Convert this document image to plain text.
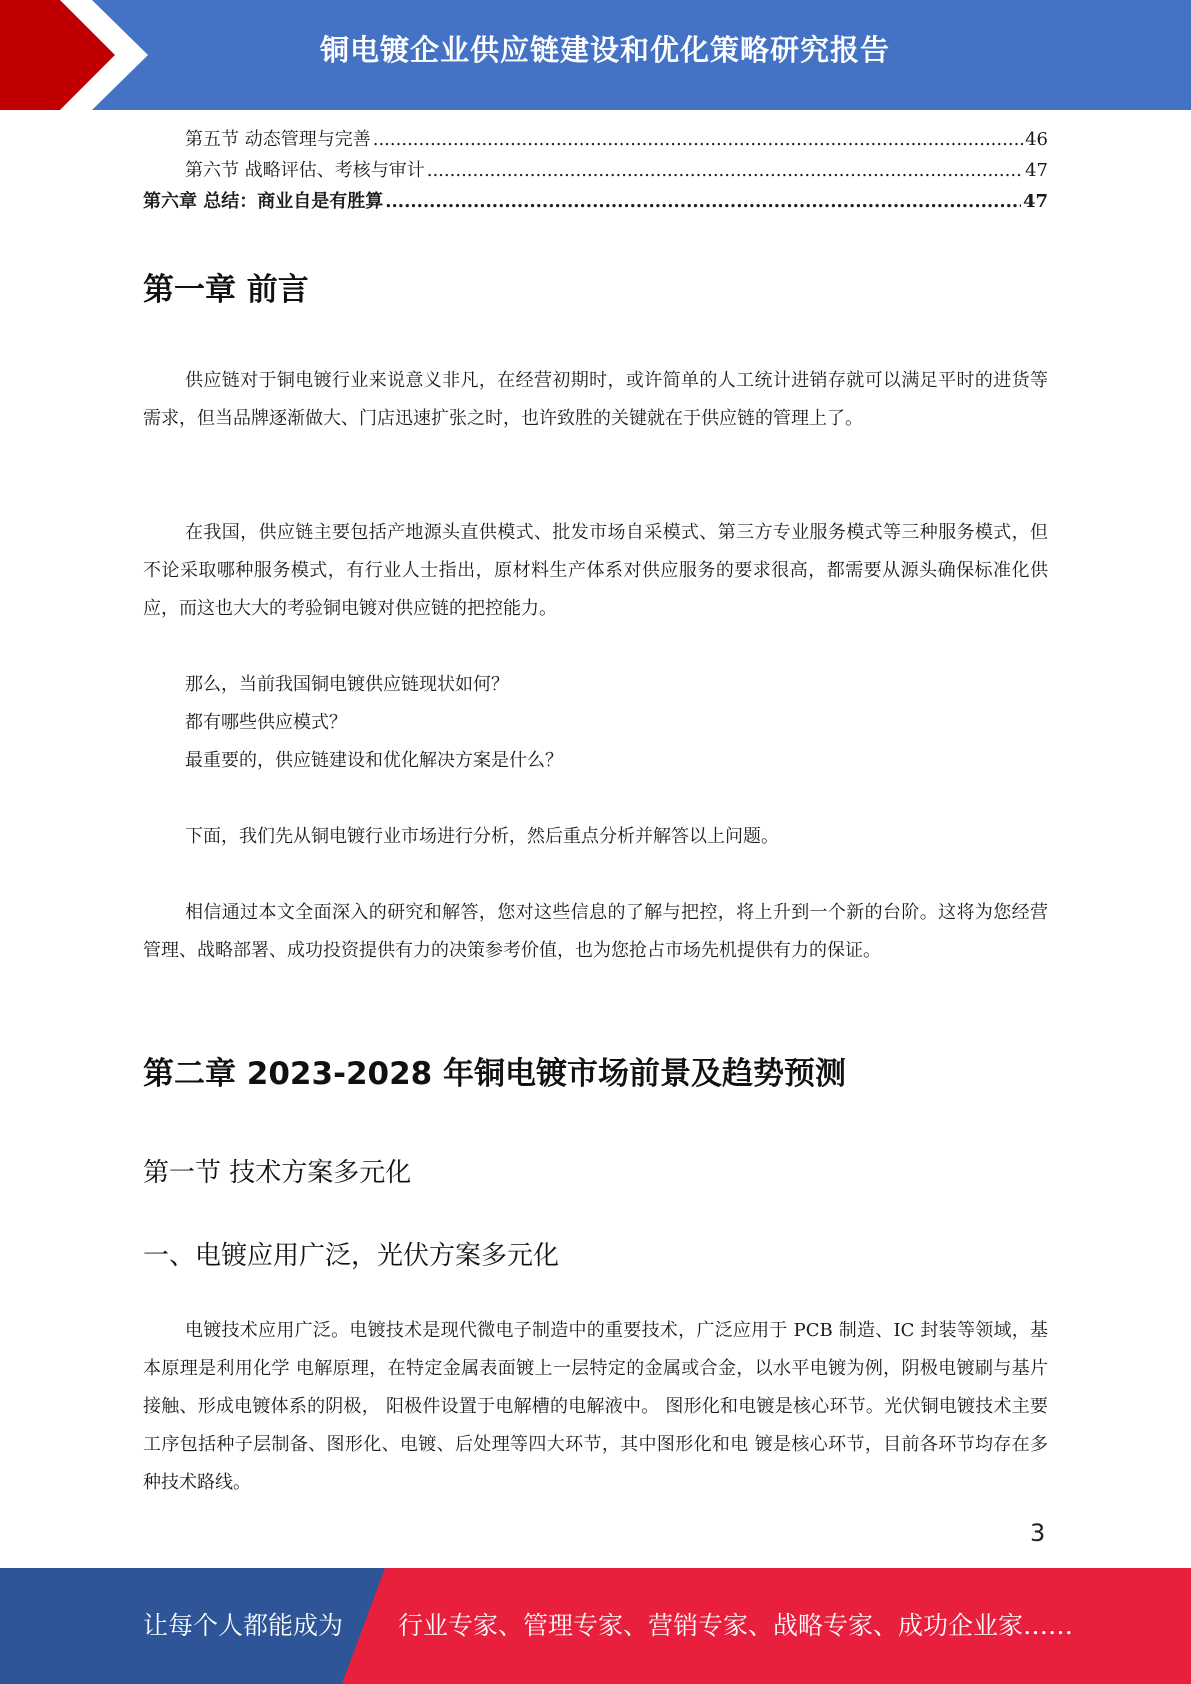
铜电镀企业供应链建设和优化策略研究报告
第五节 动态管理与完善 .....	46
第六节 战略评估、考核与审计 .....	47
第六章 总结：商业自是有胜算 .....	47
第一章 前言

供应链对于铜电镀行业来说意义非凡，在经营初期时，或许简单的人工统计进销存就可以满足平时的进货等需求，但当品牌逐渐做大、门店迅速扩张之时，也许致胜的关键就在于供应链的管理上了。

在我国，供应链主要包括产地源头直供模式、批发市场自采模式、第三方专业服务模式等三种服务模式，但不论采取哪种服务模式，有行业人士指出，原材料生产体系对供应服务的要求很高，都需要从源头确保标准化供应，而这也大大的考验铜电镀对供应链的把控能力。

那么，当前我国铜电镀供应链现状如何？

都有哪些供应模式？

最重要的，供应链建设和优化解决方案是什么？

下面，我们先从铜电镀行业市场进行分析，然后重点分析并解答以上问题。

相信通过本文全面深入的研究和解答，您对这些信息的了解与把控，将上升到一个新的台阶。这将为您经营管理、战略部署、成功投资提供有力的决策参考价值，也为您抢占市场先机提供有力的保证。

第二章 2023-2028 年铜电镀市场前景及趋势预测
第一节 技术方案多元化
一、电镀应用广泛，光伏方案多元化

电镀技术应用广泛。电镀技术是现代微电子制造中的重要技术，广泛应用于 PCB 制造、IC 封装等领域，基本原理是利用化学 电解原理，在特定金属表面镀上一层特定的金属或合金，以水平电镀为例，阴极电镀刷与基片接触、形成电镀体系的阴极， 阳极件设置于电解槽的电解液中。 图形化和电镀是核心环节。光伏铜电镀技术主要工序包括种子层制备、图形化、电镀、后处理等四大环节，其中图形化和电 镀是核心环节，目前各环节均存在多种技术路线。

3
让每个人都能成为 行业专家、管理专家、营销专家、战略专家、成功企业家……
